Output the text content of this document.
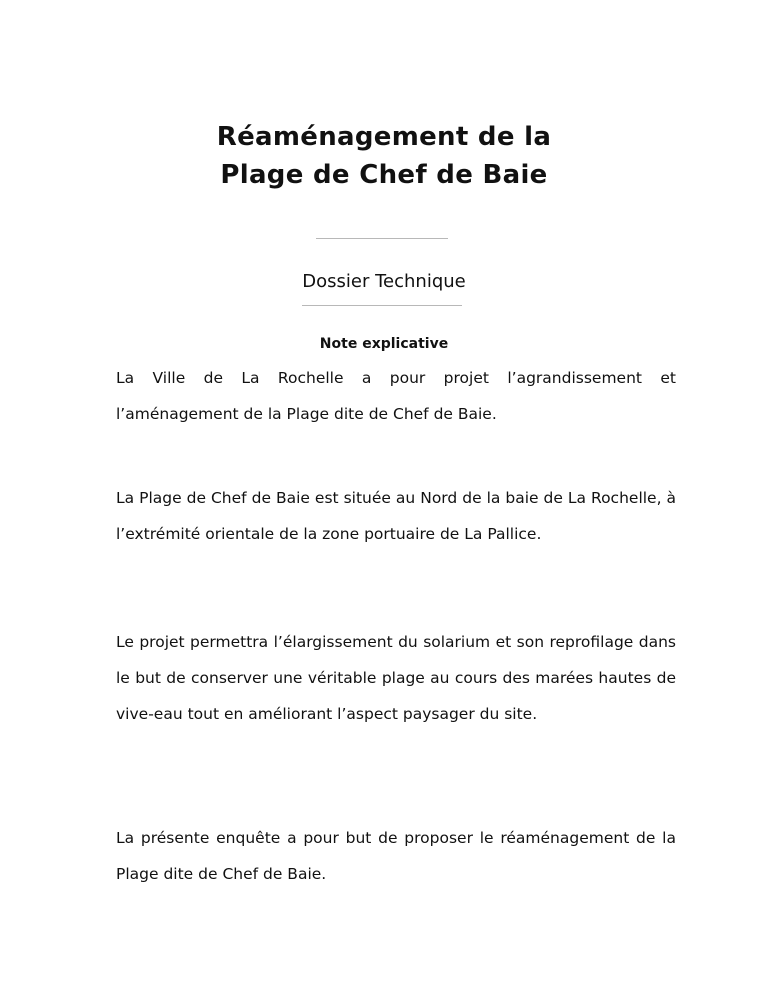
Réaménagement de la
Plage de Chef de Baie
Dossier Technique
Note explicative

La Ville de La Rochelle a pour projet l’agrandissement et l’aménagement de la Plage dite de Chef de Baie.

La Plage de Chef de Baie est située au Nord de la baie de La Rochelle, à l’extrémité orientale de la zone portuaire de La Pallice.

Le projet permettra l’élargissement du solarium et son reprofilage dans le but de conserver une véritable plage au cours des marées hautes de vive-eau tout en améliorant l’aspect paysager du site.

La présente enquête a pour but de proposer le réaménagement de la Plage dite de Chef de Baie.
